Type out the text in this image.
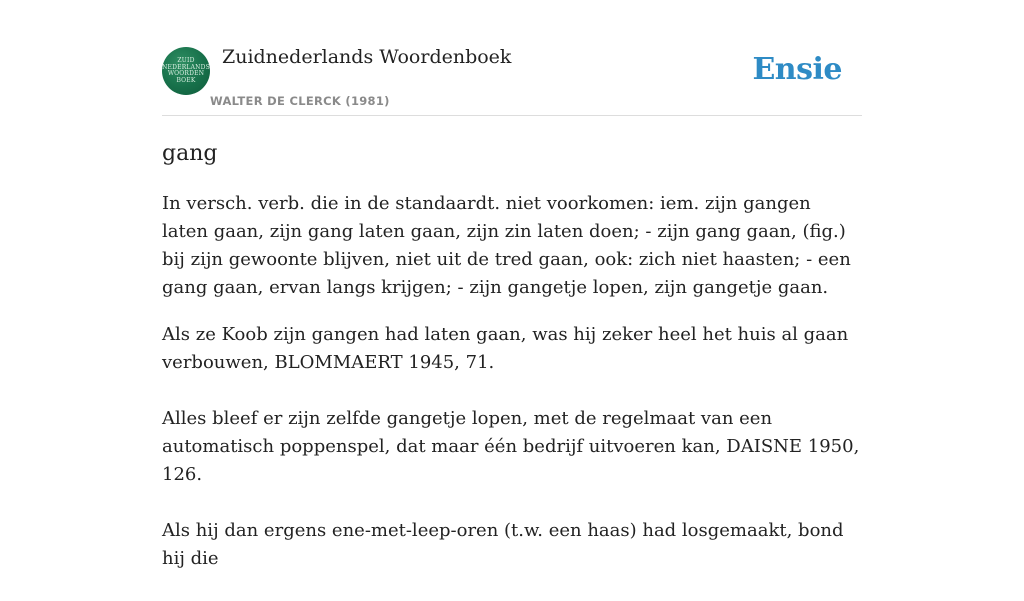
ZUID
NEDERLANDS
WOORDEN
BOEK
Zuidnederlands Woordenboek
WALTER DE CLERCK (1981)
Ensie
gang

In versch. verb. die in de standaardt. niet voorkomen: iem. zijn gangen laten gaan, zijn gang laten gaan, zijn zin laten doen; - zijn gang gaan, (fig.) bij zijn gewoonte blijven, niet uit de tred gaan, ook: zich niet haasten; - een gang gaan, ervan langs krijgen; - zijn gangetje lopen, zijn gangetje gaan.

Als ze Koob zijn gangen had laten gaan, was hij zeker heel het huis al gaan verbouwen, BLOMMAERT 1945, 71.

Alles bleef er zijn zelfde gangetje lopen, met de regelmaat van een automatisch poppenspel, dat maar één bedrijf uitvoeren kan, DAISNE 1950, 126.

Als hij dan ergens ene-met-leep-oren (t.w. een haas) had losgemaakt, bond hij die
